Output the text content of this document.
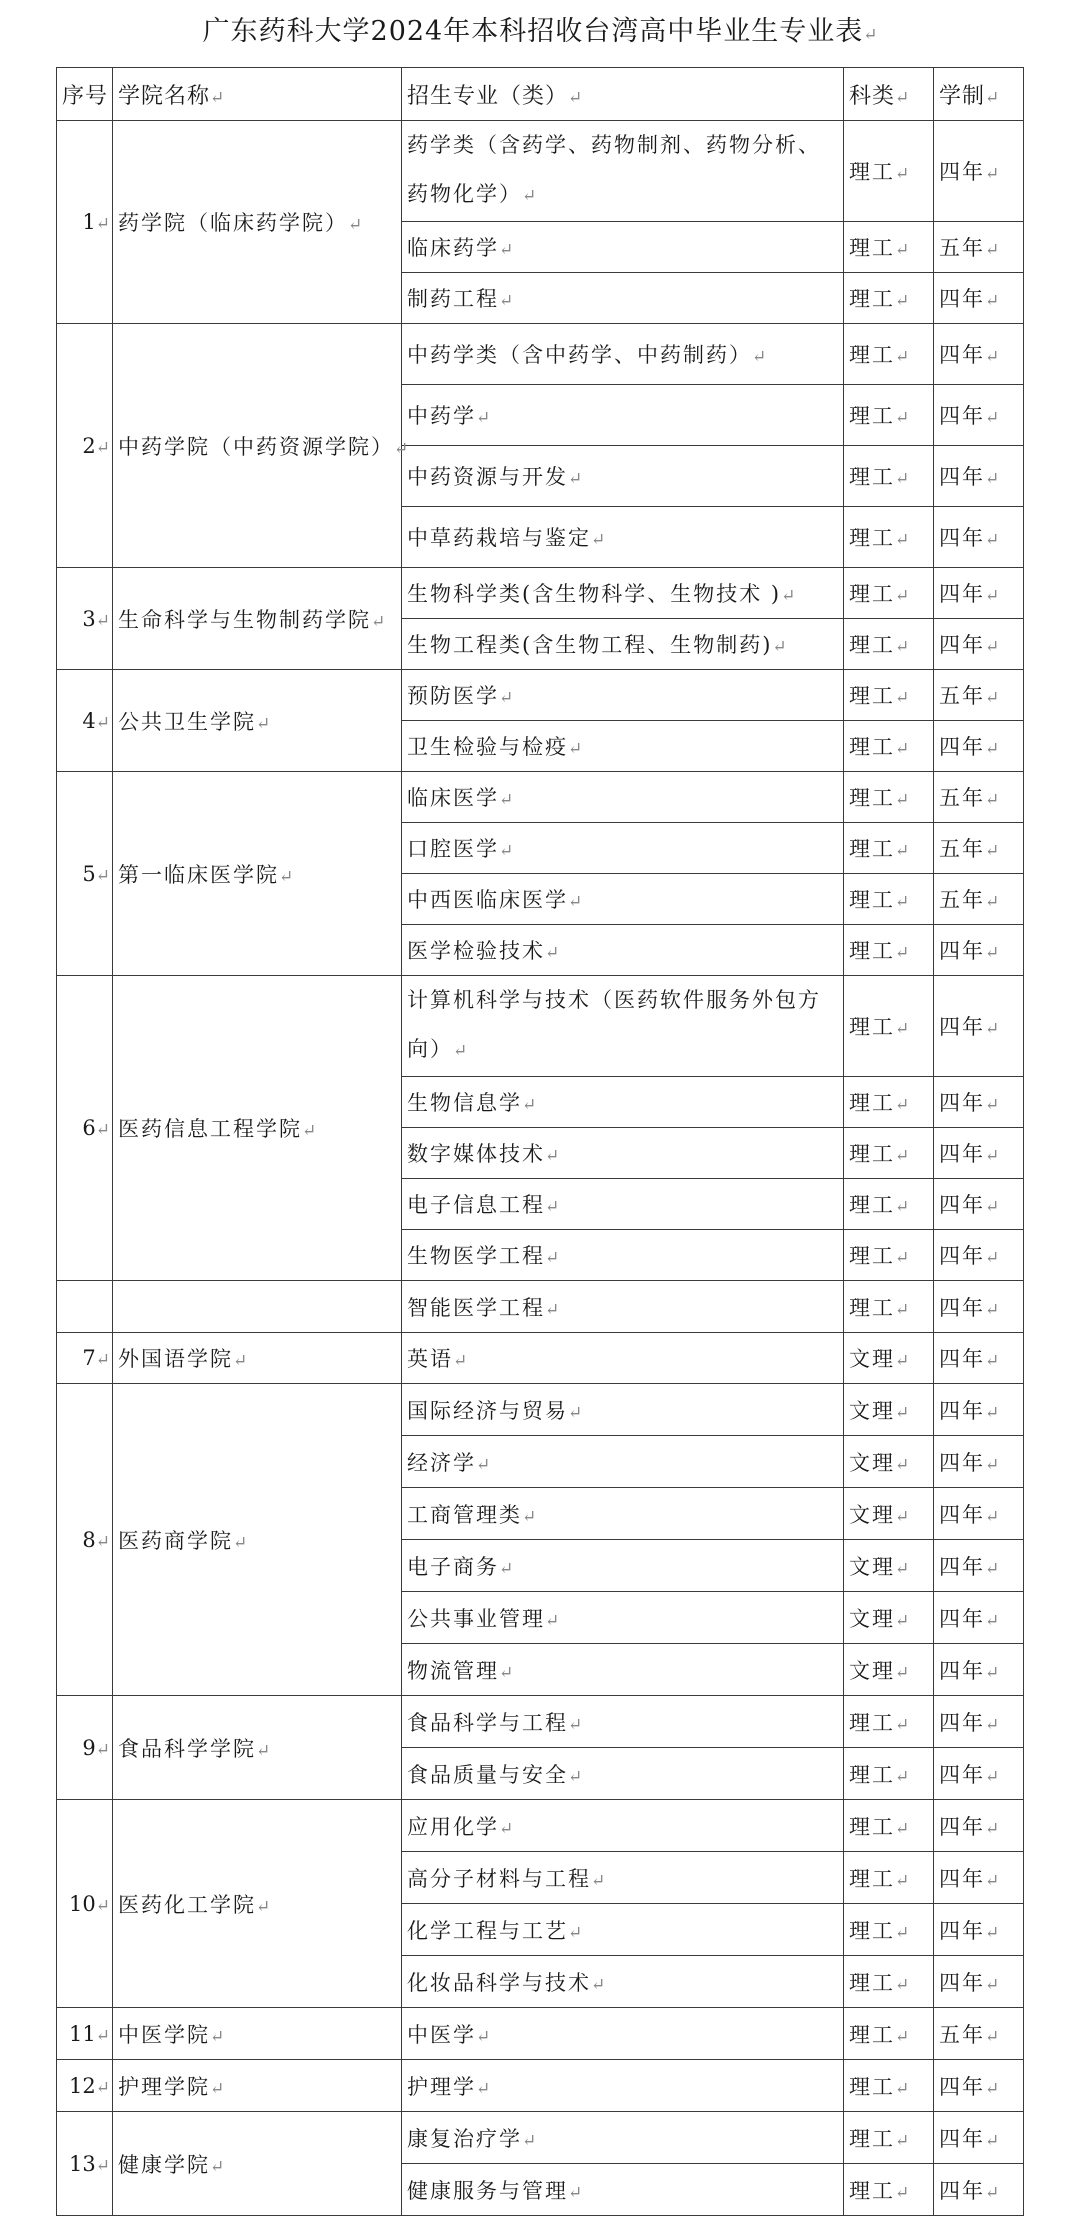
广东药科大学2024年本科招收台湾高中毕业生专业表↵
序号	学院名称↵	招生专业（类）↵	科类↵	学制↵
1↵	药学院（临床药学院）↵	药学类（含药学、药物制剂、药物分析、药物化学）↵	理工↵	四年↵
		临床药学↵	理工↵	五年↵
		制药工程↵	理工↵	四年↵
2↵	中药学院（中药资源学院）↵	中药学类（含中药学、中药制药）↵	理工↵	四年↵
		中药学↵	理工↵	四年↵
		中药资源与开发↵	理工↵	四年↵
		中草药栽培与鉴定↵	理工↵	四年↵
3↵	生命科学与生物制药学院↵	生物科学类(含生物科学、生物技术 )↵	理工↵	四年↵
		生物工程类(含生物工程、生物制药)↵	理工↵	四年↵
4↵	公共卫生学院↵	预防医学↵	理工↵	五年↵
		卫生检验与检疫↵	理工↵	四年↵
5↵	第一临床医学院↵	临床医学↵	理工↵	五年↵
		口腔医学↵	理工↵	五年↵
		中西医临床医学↵	理工↵	五年↵
		医学检验技术↵	理工↵	四年↵
6↵	医药信息工程学院↵	计算机科学与技术（医药软件服务外包方向）↵	理工↵	四年↵
		生物信息学↵	理工↵	四年↵
		数字媒体技术↵	理工↵	四年↵
		电子信息工程↵	理工↵	四年↵
		生物医学工程↵	理工↵	四年↵
		智能医学工程↵	理工↵	四年↵
7↵	外国语学院↵	英语↵	文理↵	四年↵
8↵	医药商学院↵	国际经济与贸易↵	文理↵	四年↵
		经济学↵	文理↵	四年↵
		工商管理类↵	文理↵	四年↵
		电子商务↵	文理↵	四年↵
		公共事业管理↵	文理↵	四年↵
		物流管理↵	文理↵	四年↵
9↵	食品科学学院↵	食品科学与工程↵	理工↵	四年↵
		食品质量与安全↵	理工↵	四年↵
10↵	医药化工学院↵	应用化学↵	理工↵	四年↵
		高分子材料与工程↵	理工↵	四年↵
		化学工程与工艺↵	理工↵	四年↵
		化妆品科学与技术↵	理工↵	四年↵
11↵	中医学院↵	中医学↵	理工↵	五年↵
12↵	护理学院↵	护理学↵	理工↵	四年↵
13↵	健康学院↵	康复治疗学↵	理工↵	四年↵
		健康服务与管理↵	理工↵	四年↵
